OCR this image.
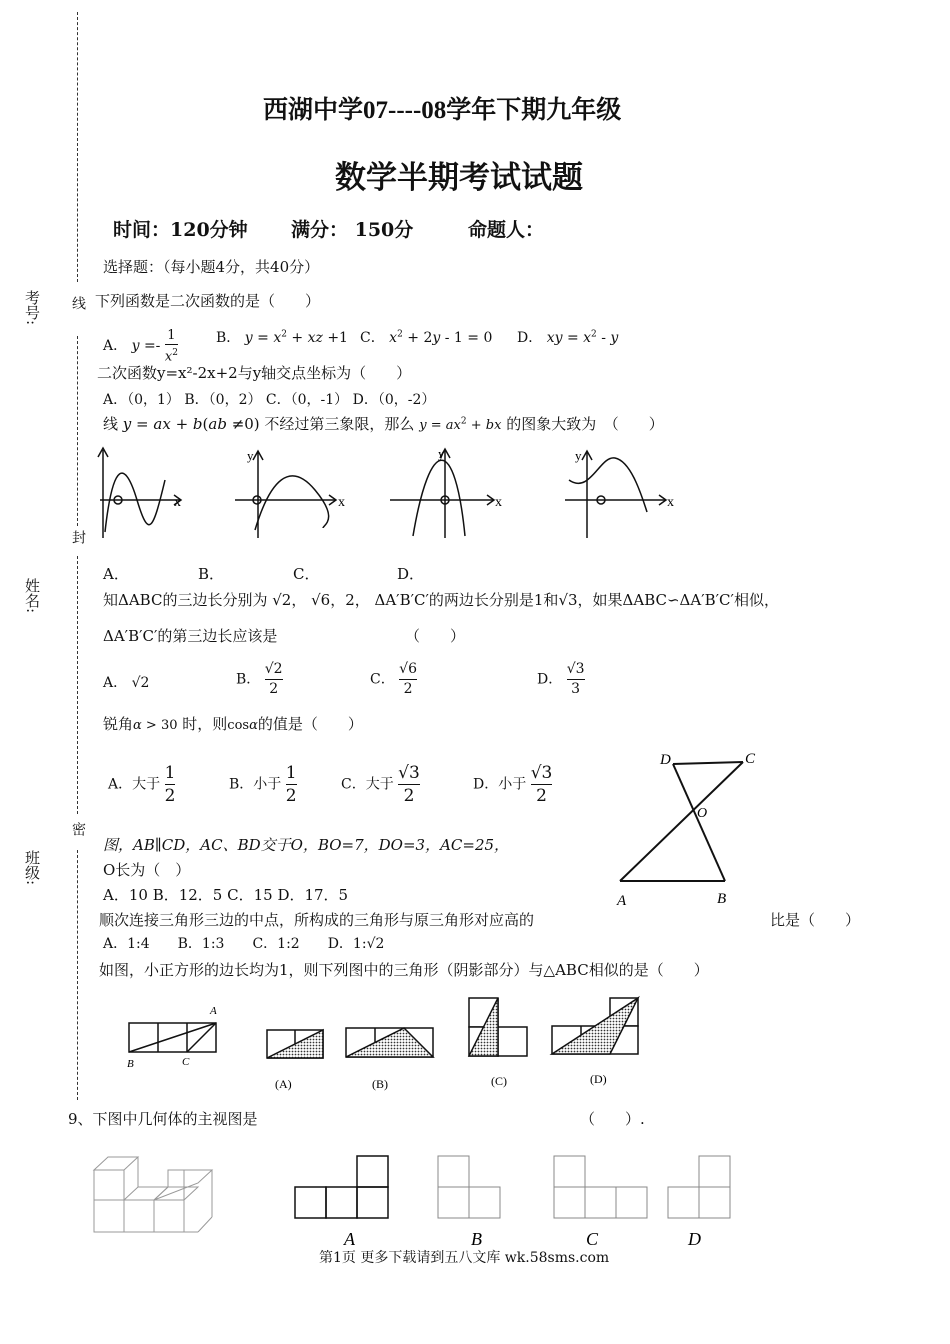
线
封
密
考号:
姓名:
班级:
西湖中学07----08学年下期九年级
数学半期考试试题
时间：120分钟 满分： 150分	命题人：
选择题：（每小题4分，共40分）
下列函数是二次函数的是（　　）
A． $y =- \frac{1}{x^2}$	B． $y = x^2$ + xz +1 C． $x^2 + 2y - 1 = 0$ D． xy = $x^2$ - y
二次函数y=x²-2x+2与y轴交点坐标为（　　）
A．（0，1） B．（0，2） C．（0，-1） D．（0，-2）
线 y = ax + b(ab ≠0) 不经过第三象限，那么 $y = ax^2$ + bx 的图象大致为　（　　）
x	x
y
x
y
x
y
A．	B．	C．	D．
知ΔABC的三边长分别为 √2， √6，2， ΔA′B′C′的两边长分别是1和√3，如果ΔABC∽ΔA′B′C′相似，
ΔA′B′C′的第三边长应该是	（　　）
A． √2	B． $\frac{√2}{2}$	C． $\frac{√6}{2}$	D． $\frac{√3}{3}$
锐角α > 30 时，则cosα的值是（　　）
A．大于 $\frac{1}{2}$	B．小于 $\frac{1}{2}$	C．大于 $\frac{√3}{2}$	D．小于 $\frac{√3}{2}$
D	C
O
A	B
图，AB∥CD，AC、BD交于O，BO=7，DO=3，AC=25，
O长为（　）
A．10 B．12．5 C．15 D．17．5
顺次连接三角形三边的中点，所构成的三角形与原三角形对应高的	比是（　　）
A．1:4　　B．1:3　　C．1:2　　D．1:√2
如图，小正方形的边长均为1，则下列图中的三角形（阴影部分）与△ABC相似的是（　　）
A
B	C
(A)	(B)	(C)	(D)
9、下图中几何体的主视图是	（　　）.
A	B	C	D
第1页 更多下载请到五八文库 wk.58sms.com
